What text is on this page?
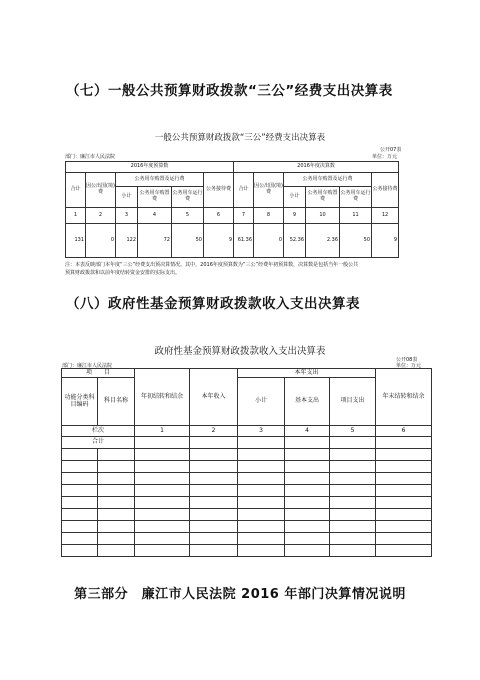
（七）一般公共预算财政拨款“三公”经费支出决算表
一般公共预算财政拨款“三公”经费支出决算表
公开07表
部门：廉江市人民法院	单位：万元
2016年度预算数						2016年度决算数					
合计	因公出国(境)费	公务用车购置及运行费			公务接待费	合计	因公出国(境)费	公务用车购置及运行费			公务接待费
		小计	公务用车购置费	公务用车运行费				小计	公务用车购置费	公务用车运行费	
1	2	3	4	5	6	7	8	9	10	11	12
131	0	122	72	50	9	61.36	0	52.36	2.36	50	9
注：本表反映部门本年度“三公”经费支出预决算情况。其中，2016年度预算数为“三公”经费年初预算数，决算数是包括当年一般公共
预算财政拨款和以前年度结转资金安排的实际支出。
（八）政府性基金预算财政拨款收入支出决算表
政府性基金预算财政拨款收入支出决算表
公开08表
部门：廉江市人民法院	单位：万元
项　　目		年初结转和结余	本年收入	本年支出			年末结转和结余
功能分类科目编码	科目名称			小计	基本支出	项目支出	

栏次		1	2	3	4	5	6
合计							

第三部分　廉江市人民法院 2016 年部门决算情况说明
